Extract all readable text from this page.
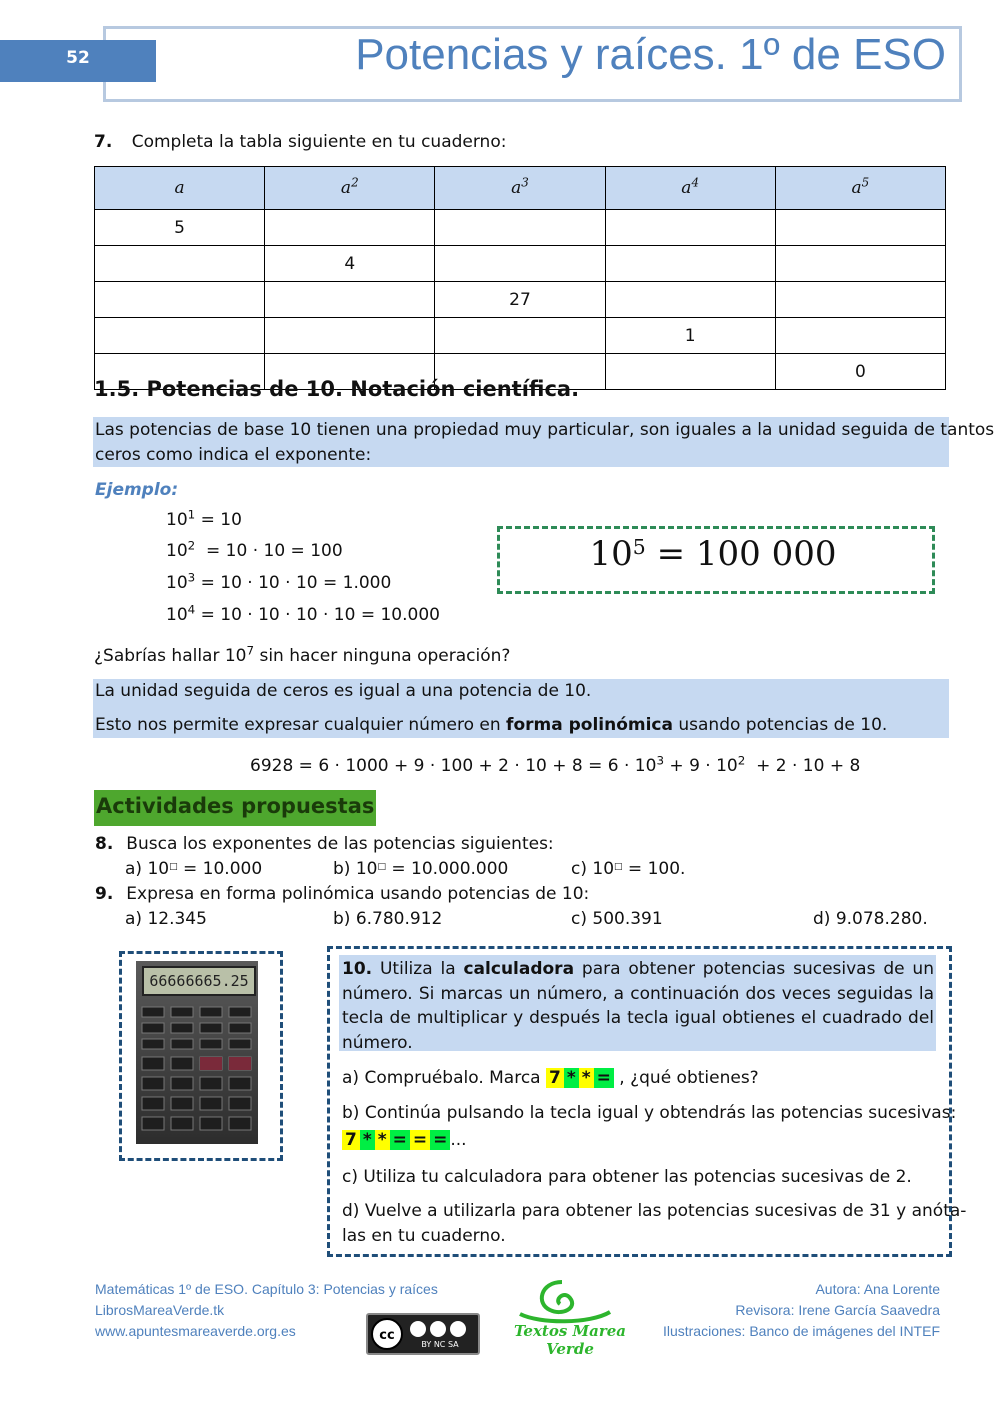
52	Potencias y raíces. 1º de ESO
7. Completa la tabla siguiente en tu cuaderno:
a	$a^2$	$a^3$	$a^4$	$a^5$
5				
	4			
		27		
			1	
				0
1.5. Potencias de 10. Notación científica.
Las potencias de base 10 tienen una propiedad muy particular, son iguales a la unidad seguida de tantos
ceros como indica el exponente:
Ejemplo:
$10^1 = 10$
$10^2 = 10 \cdot 10 = 100$
$10^3 = 10 \cdot 10 \cdot 10 = 1.000$
$10^4 = 10 \cdot 10 \cdot 10 \cdot 10 = 10.000$
$10^5 = 100$ 000
¿Sabrías hallar $10^7$ sin hacer ninguna operación?
La unidad seguida de ceros es igual a una potencia de 10.
Esto nos permite expresar cualquier número en forma polinómica usando potencias de 10.
$6928 = 6 \cdot 1000 + 9 \cdot 100 + 2 \cdot 10 + 8 = 6 \cdot 10^3 + 9 \cdot 10^2 + 2 \cdot 10 + 8$
Actividades propuestas
8. Busca los exponentes de las potencias siguientes:
a) 10□ = 10.000	b) 10□ = 10.000.000	c) 10□ = 100.
9. Expresa en forma polinómica usando potencias de 10:
a) 12.345	b) 6.780.912	c) 500.391	d) 9.078.280.
66666665.25
10. Utiliza la calculadora para obtener potencias sucesivas de un
número. Si marcas un número, a continuación dos veces seguidas la
tecla de multiplicar y después la tecla igual obtienes el cuadrado del
número.
a) Compruébalo. Marca 7 * * = , ¿qué obtienes?
b) Continúa pulsando la tecla igual y obtendrás las potencias sucesivas:
7 * * = = = ...
c) Utiliza tu calculadora para obtener las potencias sucesivas de 2.
d) Vuelve a utilizarla para obtener las potencias sucesivas de 31 y anóta-
las en tu cuaderno.
Matemáticas 1º de ESO. Capítulo 3: Potencias y raíces
LibrosMareaVerde.tk
www.apuntesmareaverde.org.es	cc
BY NC SA
Textos Marea Verde
Autora: Ana Lorente
Revisora: Irene García Saavedra
Ilustraciones: Banco de imágenes del INTEF
